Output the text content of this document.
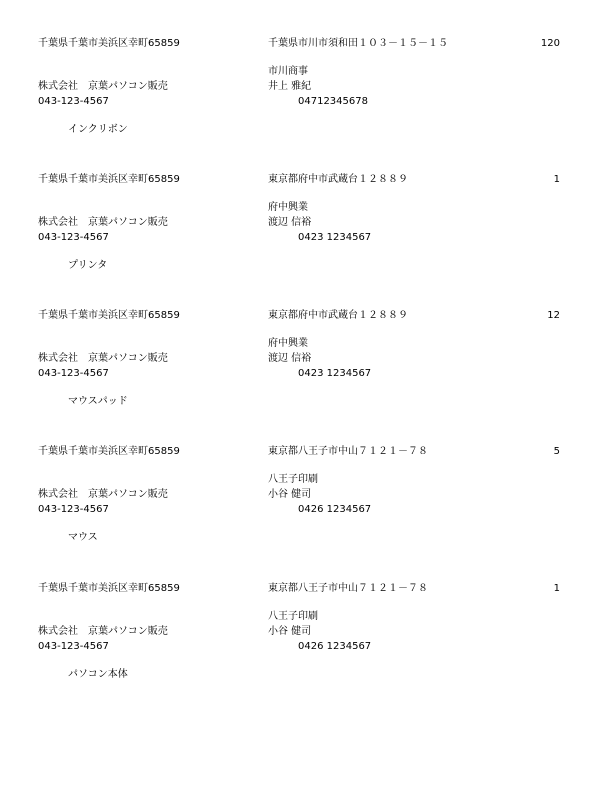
千葉県千葉市美浜区幸町65859	千葉県市川市須和田１０３－１５－１５	120
市川商事
株式会社　京葉パソコン販売	井上 雅紀
043-123-4567	04712345678
インクリボン
千葉県千葉市美浜区幸町65859	東京都府中市武蔵台１２８８９	1
府中興業
株式会社　京葉パソコン販売	渡辺 信裕
043-123-4567	0423 1234567
プリンタ
千葉県千葉市美浜区幸町65859	東京都府中市武蔵台１２８８９	12
府中興業
株式会社　京葉パソコン販売	渡辺 信裕
043-123-4567	0423 1234567
マウスパッド
千葉県千葉市美浜区幸町65859	東京都八王子市中山７１２１－７８	5
八王子印刷
株式会社　京葉パソコン販売	小谷 健司
043-123-4567	0426 1234567
マウス
千葉県千葉市美浜区幸町65859	東京都八王子市中山７１２１－７８	1
八王子印刷
株式会社　京葉パソコン販売	小谷 健司
043-123-4567	0426 1234567
パソコン本体
